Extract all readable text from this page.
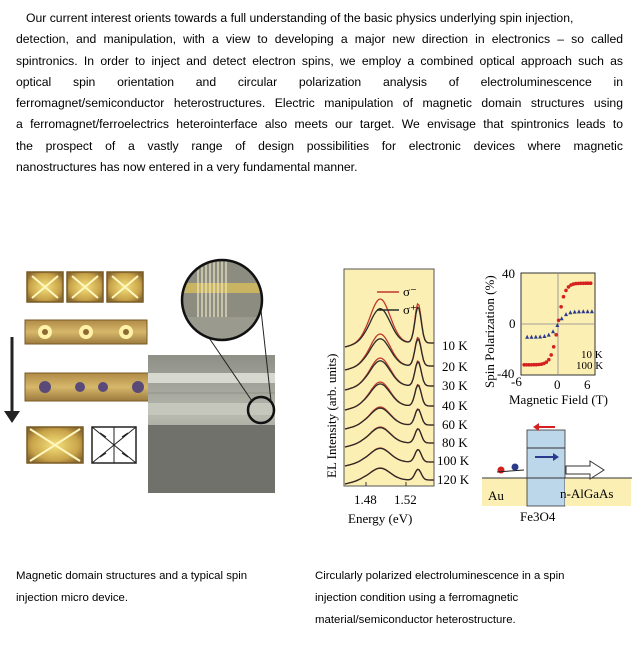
Our current interest orients towards a full understanding of the basic physics underlying spin injection,
detection, and manipulation, with a view to developing a major new direction in electronics – so called
spintronics. In order to inject and detect electron spins, we employ a combined optical approach such as
optical spin orientation and circular polarization analysis of electroluminescence in
ferromagnet/semiconductor heterostructures. Electric manipulation of magnetic domain structures using
a ferromagnet/ferroelectrics heterointerface also meets our target. We envisage that spintronics leads to
the prospect of a vastly range of design possibilities for electronic devices where magnetic
nanostructures has now entered in a very fundamental manner.
σ⁻
σ⁺
10 K
20 K
30 K
40 K
60 K
80 K
100 K
120 K
1.48 1.52
Energy (eV)
EL Intensity (arb. units)
40
0
-40
-6 0 6
Magnetic Field (T)
Spin Polarization (%)	10 K
100 K
Au	n-AlGaAs
Fe3O4
Magnetic domain structures and a typical spin
injection micro device.
Circularly polarized electroluminescence in a spin
injection condition using a ferromagnetic
material/semiconductor heterostructure.
